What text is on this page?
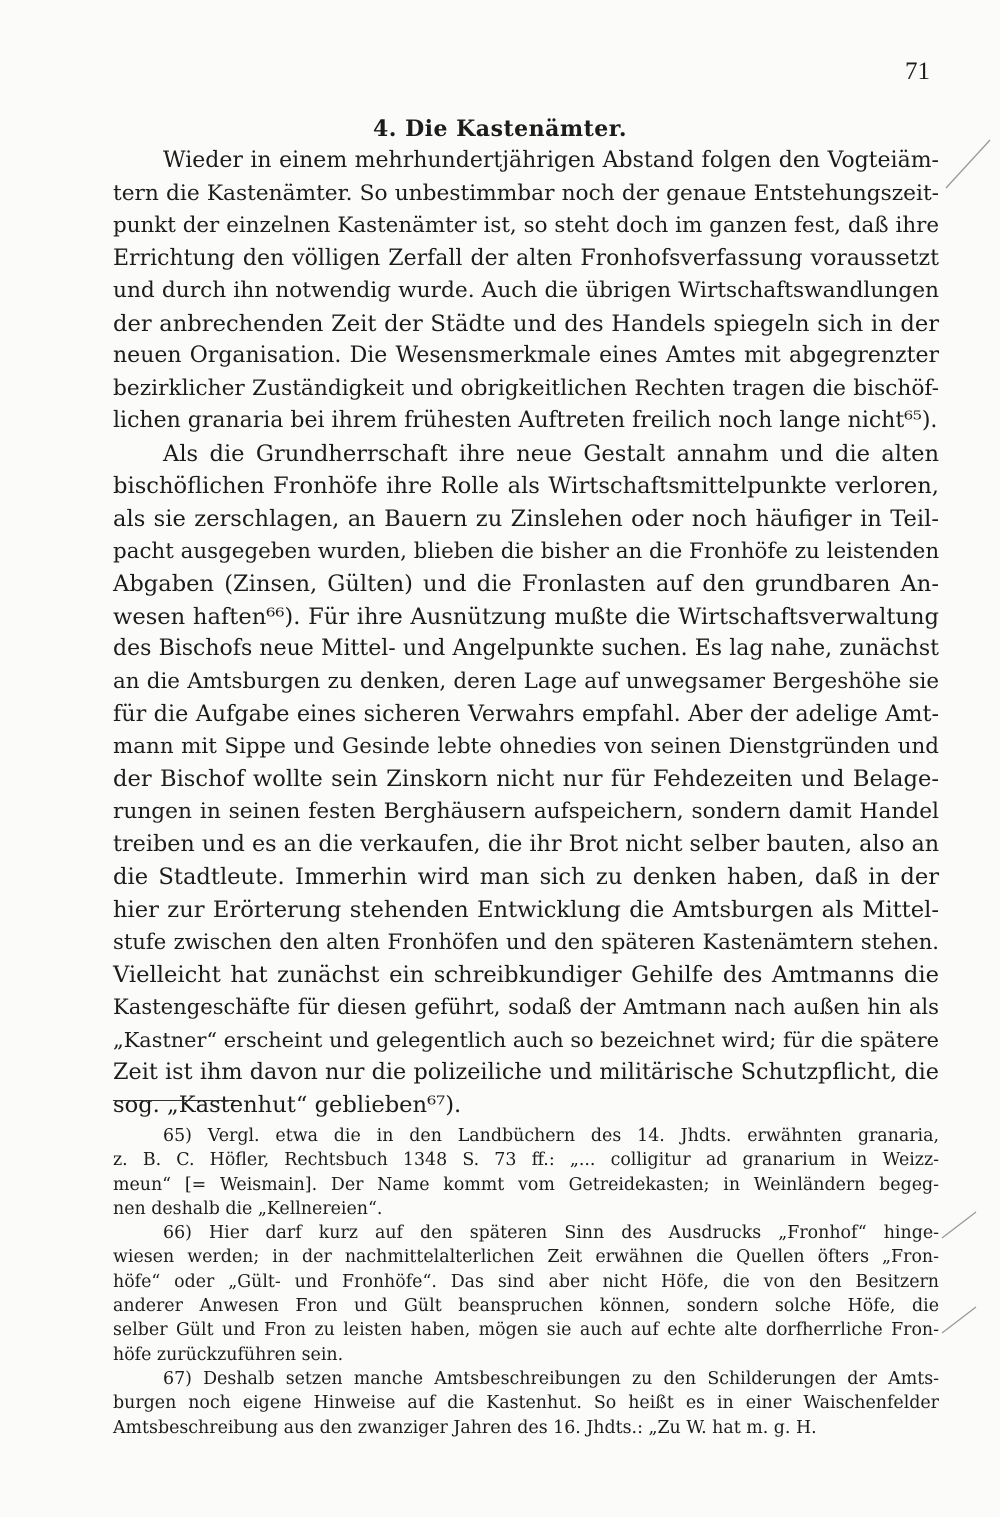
71
4. Die Kastenämter.
Wieder in einem mehrhundertjährigen Abstand folgen den Vogteiäm-
tern die Kastenämter. So unbestimmbar noch der genaue Entstehungszeit-
punkt der einzelnen Kastenämter ist, so steht doch im ganzen fest, daß ihre
Errichtung den völligen Zerfall der alten Fronhofsverfassung voraussetzt
und durch ihn notwendig wurde. Auch die übrigen Wirtschaftswandlungen
der anbrechenden Zeit der Städte und des Handels spiegeln sich in der
neuen Organisation. Die Wesensmerkmale eines Amtes mit abgegrenzter
bezirklicher Zuständigkeit und obrigkeitlichen Rechten tragen die bischöf-
lichen granaria bei ihrem frühesten Auftreten freilich noch lange nicht⁶⁵).
Als die Grundherrschaft ihre neue Gestalt annahm und die alten
bischöflichen Fronhöfe ihre Rolle als Wirtschaftsmittelpunkte verloren,
als sie zerschlagen, an Bauern zu Zinslehen oder noch häufiger in Teil-
pacht ausgegeben wurden, blieben die bisher an die Fronhöfe zu leistenden
Abgaben (Zinsen, Gülten) und die Fronlasten auf den grundbaren An-
wesen haften⁶⁶). Für ihre Ausnützung mußte die Wirtschaftsverwaltung
des Bischofs neue Mittel- und Angelpunkte suchen. Es lag nahe, zunächst
an die Amtsburgen zu denken, deren Lage auf unwegsamer Bergeshöhe sie
für die Aufgabe eines sicheren Verwahrs empfahl. Aber der adelige Amt-
mann mit Sippe und Gesinde lebte ohnedies von seinen Dienstgründen und
der Bischof wollte sein Zinskorn nicht nur für Fehdezeiten und Belage-
rungen in seinen festen Berghäusern aufspeichern, sondern damit Handel
treiben und es an die verkaufen, die ihr Brot nicht selber bauten, also an
die Stadtleute. Immerhin wird man sich zu denken haben, daß in der
hier zur Erörterung stehenden Entwicklung die Amtsburgen als Mittel-
stufe zwischen den alten Fronhöfen und den späteren Kastenämtern stehen.
Vielleicht hat zunächst ein schreibkundiger Gehilfe des Amtmanns die
Kastengeschäfte für diesen geführt, sodaß der Amtmann nach außen hin als
„Kastner“ erscheint und gelegentlich auch so bezeichnet wird; für die spätere
Zeit ist ihm davon nur die polizeiliche und militärische Schutzpflicht, die
sog. „Kastenhut“ geblieben⁶⁷).
65) Vergl. etwa die in den Landbüchern des 14. Jhdts. erwähnten granaria,
z. B. C. Höfler, Rechtsbuch 1348 S. 73 ff.: „... colligitur ad granarium in Weizz-
meun“ [= Weismain]. Der Name kommt vom Getreidekasten; in Weinländern begeg-
nen deshalb die „Kellnereien“.
66) Hier darf kurz auf den späteren Sinn des Ausdrucks „Fronhof“ hinge-
wiesen werden; in der nachmittelalterlichen Zeit erwähnen die Quellen öfters „Fron-
höfe“ oder „Gült- und Fronhöfe“. Das sind aber nicht Höfe, die von den Besitzern
anderer Anwesen Fron und Gült beanspruchen können, sondern solche Höfe, die
selber Gült und Fron zu leisten haben, mögen sie auch auf echte alte dorfherrliche Fron-
höfe zurückzuführen sein.
67) Deshalb setzen manche Amtsbeschreibungen zu den Schilderungen der Amts-
burgen noch eigene Hinweise auf die Kastenhut. So heißt es in einer Waischenfelder
Amtsbeschreibung aus den zwanziger Jahren des 16. Jhdts.: „Zu W. hat m. g. H.
